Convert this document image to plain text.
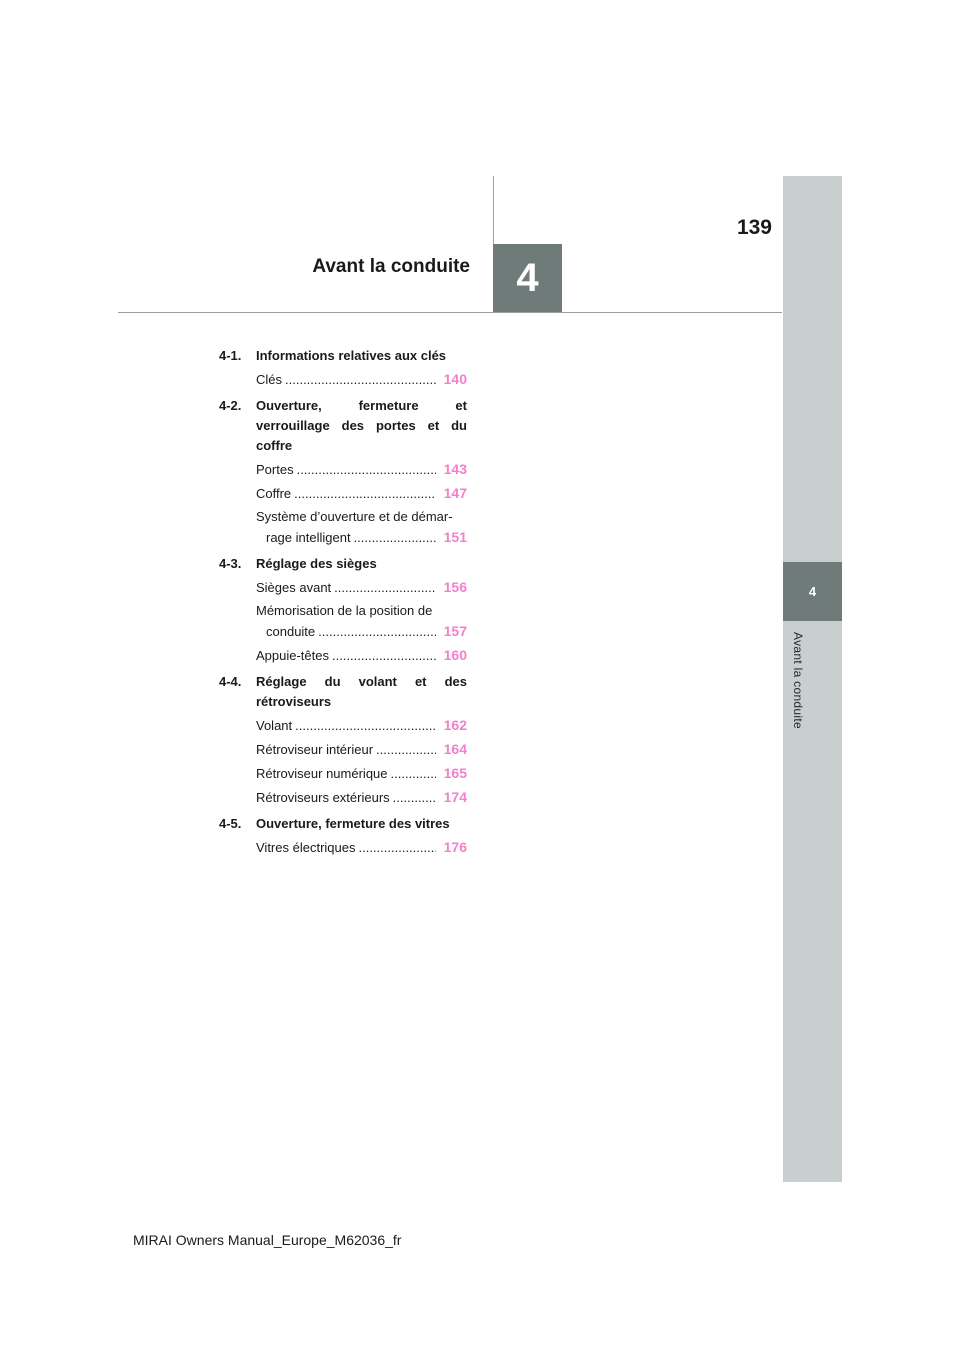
4
Avant la conduite
4
139
Avant la conduite
4-1.	Informations relatives aux clés
Clés .....	140
4-2.	Ouverture, fermeture et verrouillage des portes et du coffre
Portes .....	143
Coffre .....	147
Système d’ouverture et de démar-
rage intelligent .....	151
4-3.	Réglage des sièges
Sièges avant .....	156
Mémorisation de la position de
conduite .....	157
Appuie-têtes .....	160
4-4.	Réglage du volant et des rétroviseurs
Volant .....	162
Rétroviseur intérieur .....	164
Rétroviseur numérique .....	165
Rétroviseurs extérieurs .....	174
4-5.	Ouverture, fermeture des vitres
Vitres électriques .....	176
MIRAI Owners Manual_Europe_M62036_fr
